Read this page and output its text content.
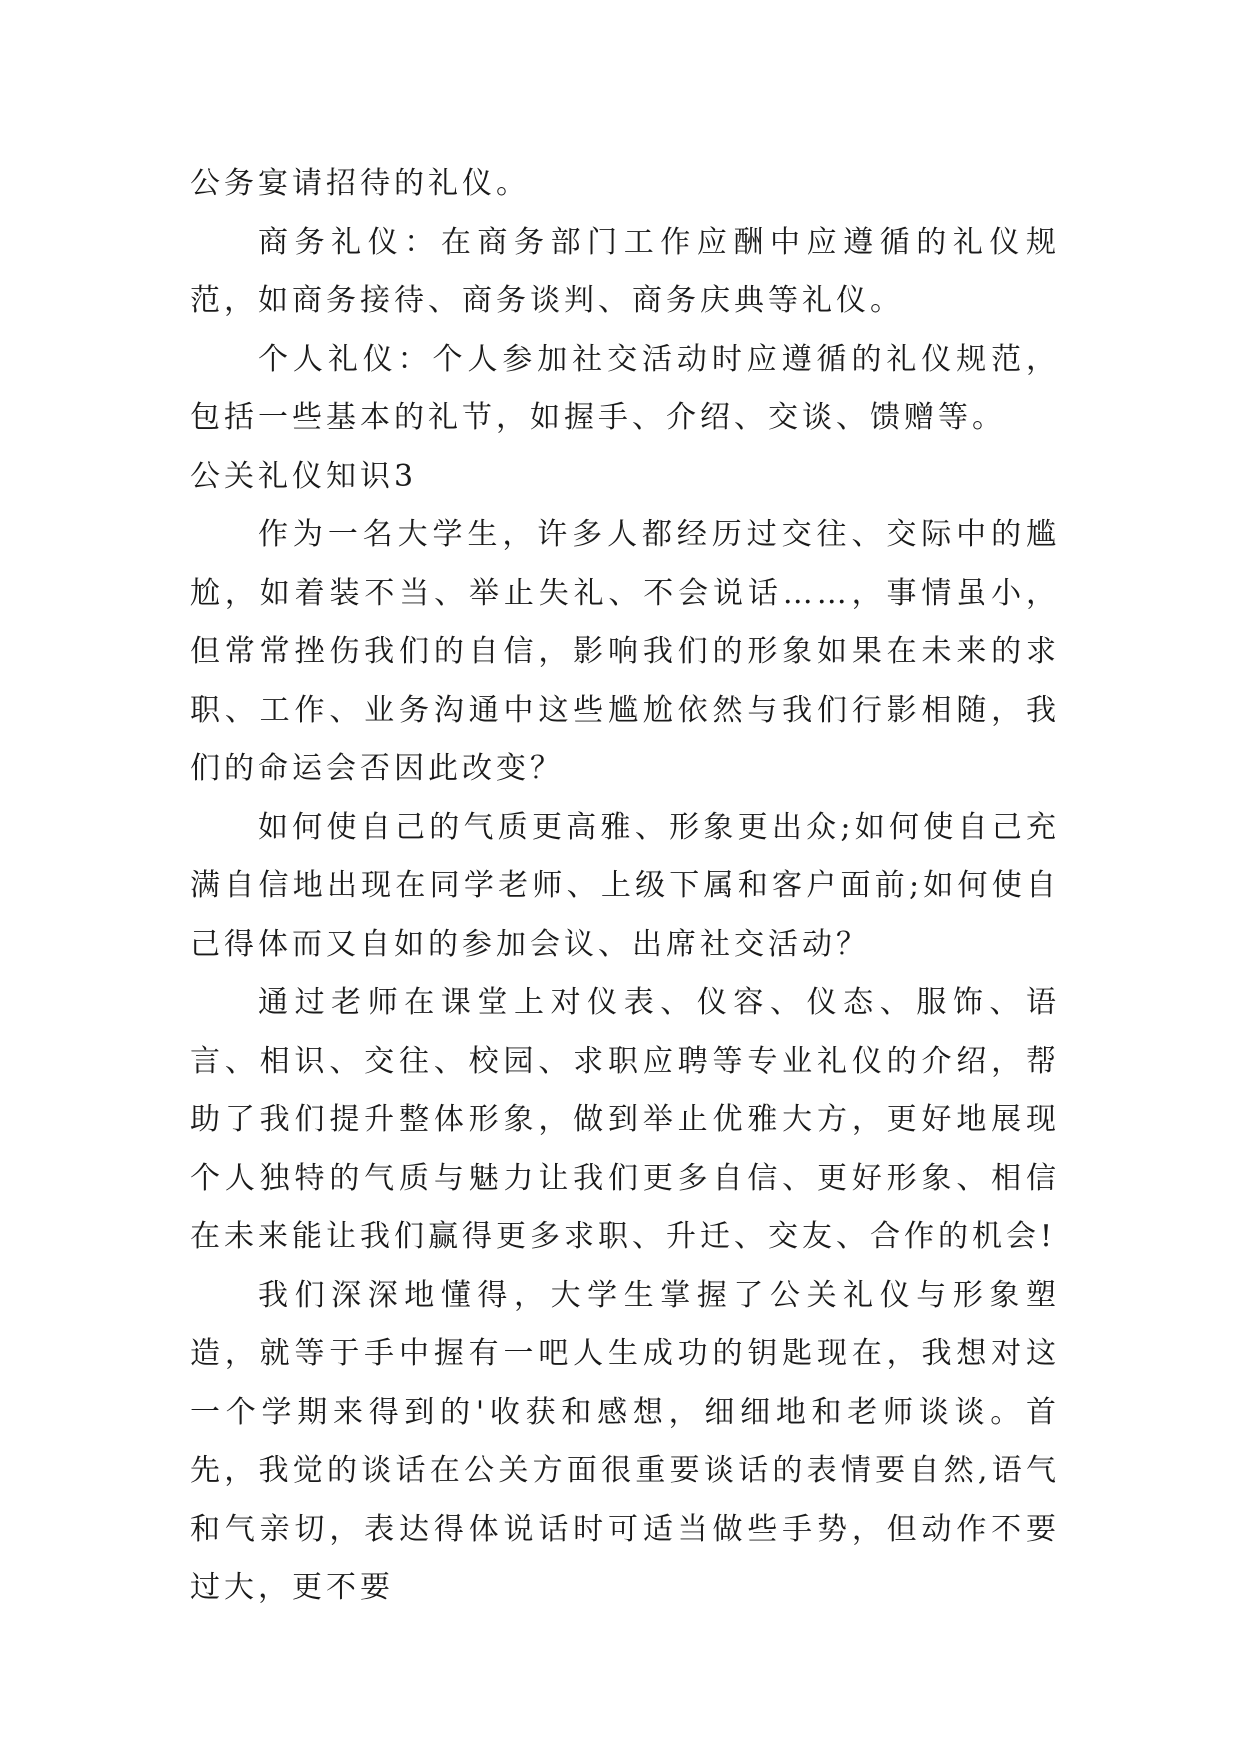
公务宴请招待的礼仪。

商务礼仪：在商务部门工作应酬中应遵循的礼仪规范，如商务接待、商务谈判、商务庆典等礼仪。

个人礼仪：个人参加社交活动时应遵循的礼仪规范，包括一些基本的礼节，如握手、介绍、交谈、馈赠等。

公关礼仪知识3

作为一名大学生，许多人都经历过交往、交际中的尴尬，如着装不当、举止失礼、不会说话……，事情虽小，但常常挫伤我们的自信，影响我们的形象如果在未来的求职、工作、业务沟通中这些尴尬依然与我们行影相随，我们的命运会否因此改变？

如何使自己的气质更高雅、形象更出众;如何使自己充满自信地出现在同学老师、上级下属和客户面前;如何使自己得体而又自如的参加会议、出席社交活动？

通过老师在课堂上对仪表、仪容、仪态、服饰、语言、相识、交往、校园、求职应聘等专业礼仪的介绍，帮助了我们提升整体形象，做到举止优雅大方，更好地展现个人独特的气质与魅力让我们更多自信、更好形象、相信在未来能让我们赢得更多求职、升迁、交友、合作的机会!

我们深深地懂得，大学生掌握了公关礼仪与形象塑造，就等于手中握有一吧人生成功的钥匙现在，我想对这一个学期来得到的'收获和感想，细细地和老师谈谈。首先，我觉的谈话在公关方面很重要谈话的表情要自然,语气和气亲切，表达得体说话时可适当做些手势，但动作不要过大，更不要
